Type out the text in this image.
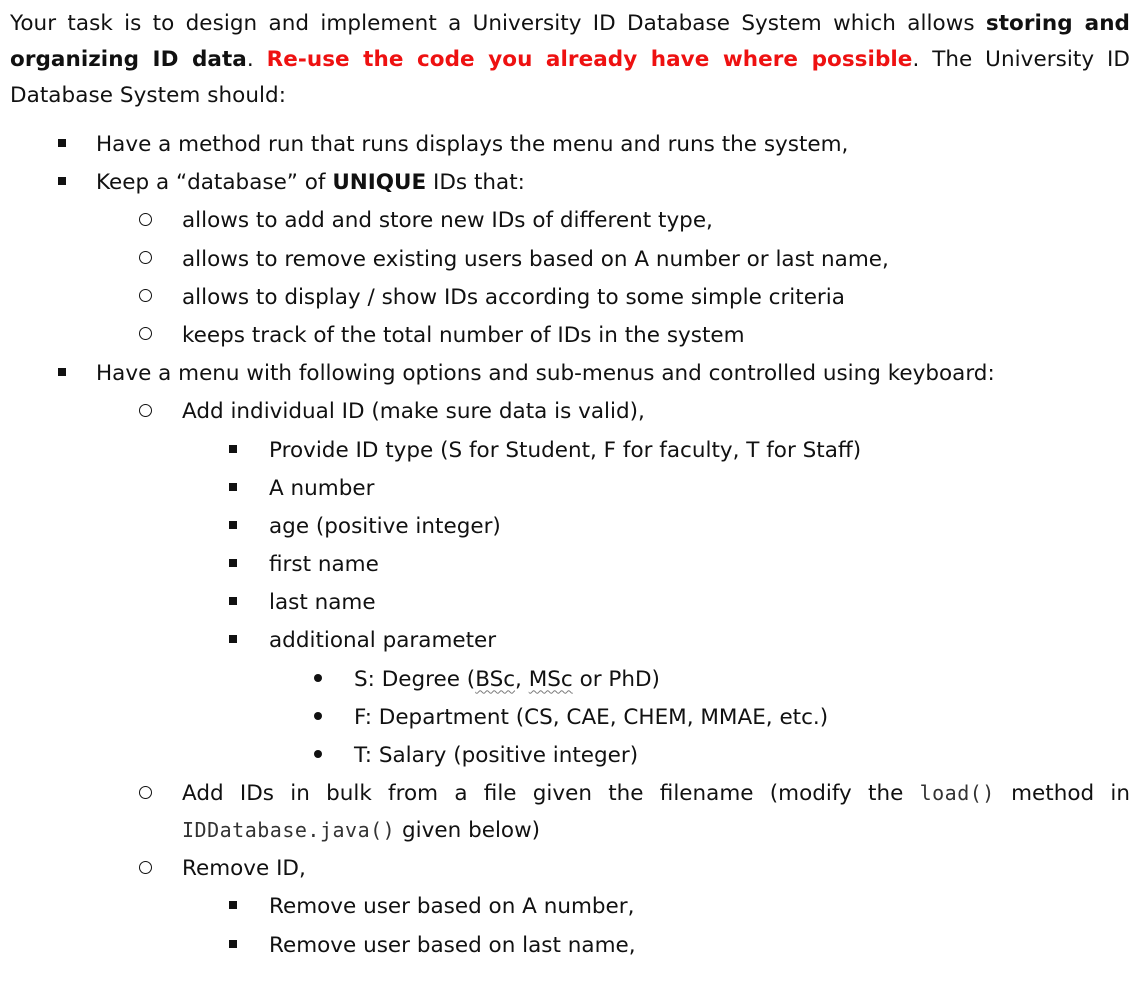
Your task is to design and implement a University ID Database System which allows storing and organizing ID data. Re-use the code you already have where possible. The University ID Database System should:

Have a method run that runs displays the menu and runs the system,
Keep a “database” of UNIQUE IDs that:
allows to add and store new IDs of different type,
allows to remove existing users based on A number or last name,
allows to display / show IDs according to some simple criteria
keeps track of the total number of IDs in the system
Have a menu with following options and sub-menus and controlled using keyboard:
Add individual ID (make sure data is valid),
Provide ID type (S for Student, F for faculty, T for Staff)
A number
age (positive integer)
first name
last name
additional parameter
S: Degree (BSc, MSc or PhD)
F: Department (CS, CAE, CHEM, MMAE, etc.)
T: Salary (positive integer)
Add IDs in bulk from a file given the filename (modify the load() method in IDDatabase.java() given below)
Remove ID,
Remove user based on A number,
Remove user based on last name,
